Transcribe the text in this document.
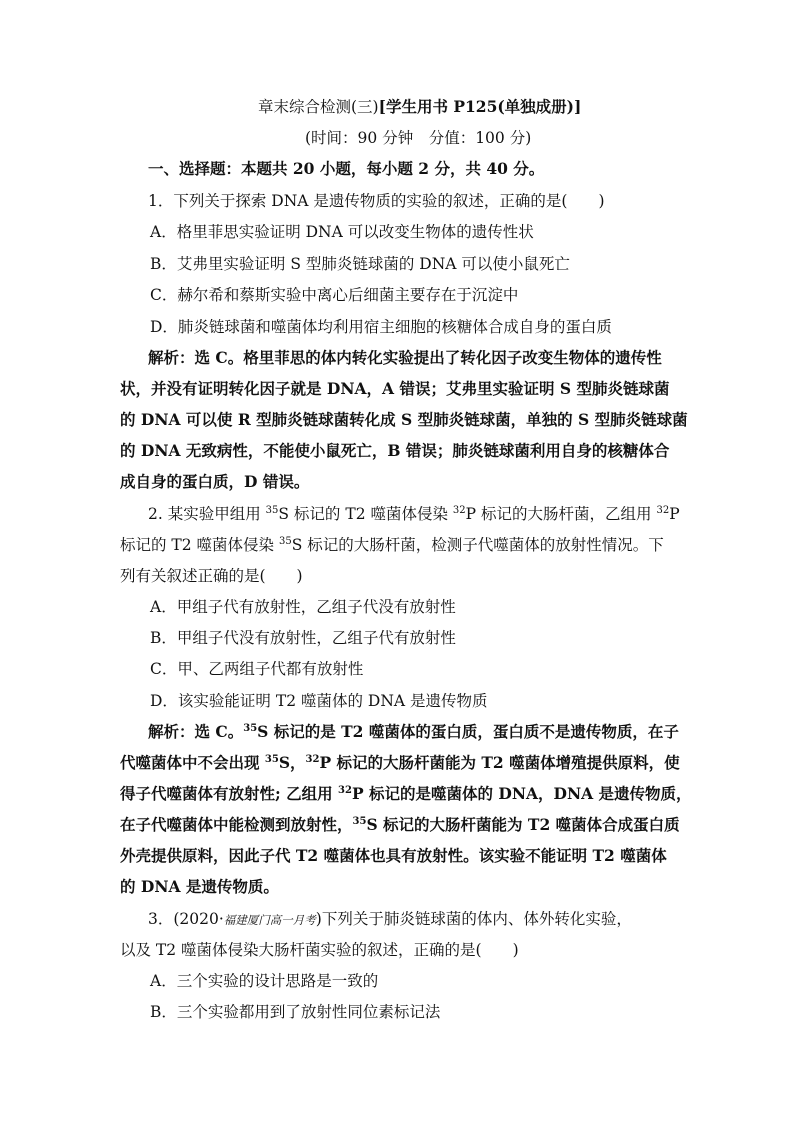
章末综合检测(三)[学生用书 P125(单独成册)]
(时间：90 分钟　分值：100 分)
一、选择题：本题共 20 小题，每小题 2 分，共 40 分。
1．下列关于探索 DNA 是遗传物质的实验的叙述，正确的是(　　)
A．格里菲思实验证明 DNA 可以改变生物体的遗传性状
B．艾弗里实验证明 S 型肺炎链球菌的 DNA 可以使小鼠死亡
C．赫尔希和蔡斯实验中离心后细菌主要存在于沉淀中
D．肺炎链球菌和噬菌体均利用宿主细胞的核糖体合成自身的蛋白质
解析：选 C。格里菲思的体内转化实验提出了转化因子改变生物体的遗传性
状，并没有证明转化因子就是 DNA，A 错误；艾弗里实验证明 S 型肺炎链球菌
的 DNA 可以使 R 型肺炎链球菌转化成 S 型肺炎链球菌，单独的 S 型肺炎链球菌
的 DNA 无致病性，不能使小鼠死亡，B 错误；肺炎链球菌利用自身的核糖体合
成自身的蛋白质，D 错误。
2. 某实验甲组用 $^{35}$S 标记的 T2 噬菌体侵染 $^{32}$P 标记的大肠杆菌，乙组用 $^{32}$P
标记的 T2 噬菌体侵染 $^{35}$S 标记的大肠杆菌，检测子代噬菌体的放射性情况。下
列有关叙述正确的是(　　)
A．甲组子代有放射性，乙组子代没有放射性
B．甲组子代没有放射性，乙组子代有放射性
C．甲、乙两组子代都有放射性
D．该实验能证明 T2 噬菌体的 DNA 是遗传物质
解析：选 C。$^{35}$S 标记的是 T2 噬菌体的蛋白质，蛋白质不是遗传物质，在子
代噬菌体中不会出现 $^{35}$S，$^{32}$P 标记的大肠杆菌能为 T2 噬菌体增殖提供原料，使
得子代噬菌体有放射性; 乙组用 $^{32}$P 标记的是噬菌体的 DNA，DNA 是遗传物质，
在子代噬菌体中能检测到放射性，$^{35}$S 标记的大肠杆菌能为 T2 噬菌体合成蛋白质
外壳提供原料，因此子代 T2 噬菌体也具有放射性。该实验不能证明 T2 噬菌体
的 DNA 是遗传物质。
3．(2020·福建厦门高一月考)下列关于肺炎链球菌的体内、体外转化实验，
以及 T2 噬菌体侵染大肠杆菌实验的叙述，正确的是(　　)
A．三个实验的设计思路是一致的
B．三个实验都用到了放射性同位素标记法
